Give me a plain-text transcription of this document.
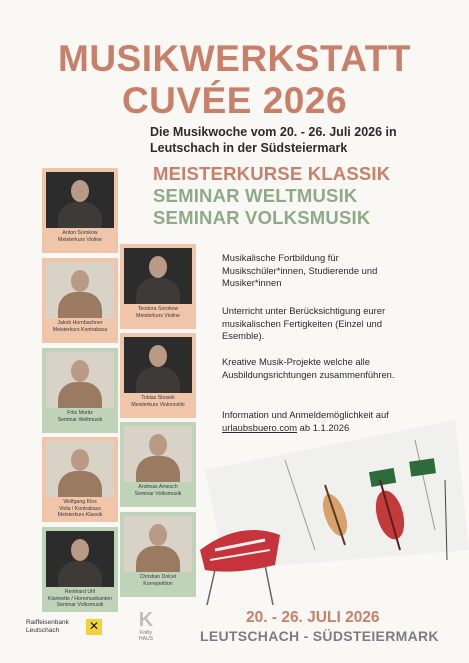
MUSIKWERKSTATT
CUVÉE 2026
Die Musikwoche vom 20. - 26. Juli 2026 in
Leutschach in der Südsteiermark
MEISTERKURSE KLASSIK
SEMINAR WELTMUSIK
SEMINAR VOLKSMUSIK
Anton Sorokow
Meisterkurs Violine
Jakob Hornbachner
Meisterkurs Kontrabass
Fritz Moritz
Seminar Weltmusik
Wolfgang Klos
Viola / Kontrabass Meisterkurs Klassik
Reinhard Uhl
Klarinette / Hornmusikanten Seminar Volksmusik
Teodora Sorokow
Meisterkurs Violine
Tobias Stosiek
Meisterkurs Violoncello
Andreas Amesch
Seminar Volksmusik
Christian Dolcet
Korrepetition
Musikalische Fortbildung für Musikschüler*innen, Studierende und Musiker*innen
Unterricht unter Berücksichtigung eurer musikalischen Fertigkeiten (Einzel und Esemble).
Kreative Musik-Projekte welche alle Ausbildungsrichtungen zusammenführen.
Information und Anmeldemöglichkeit auf urlaubsbuero.com ab 1.1.2026
20. - 26. JULI 2026
LEUTSCHACH - SÜDSTEIERMARK
Raiffeisenbank
Leutschach
✕	K
Knilly HAUS
